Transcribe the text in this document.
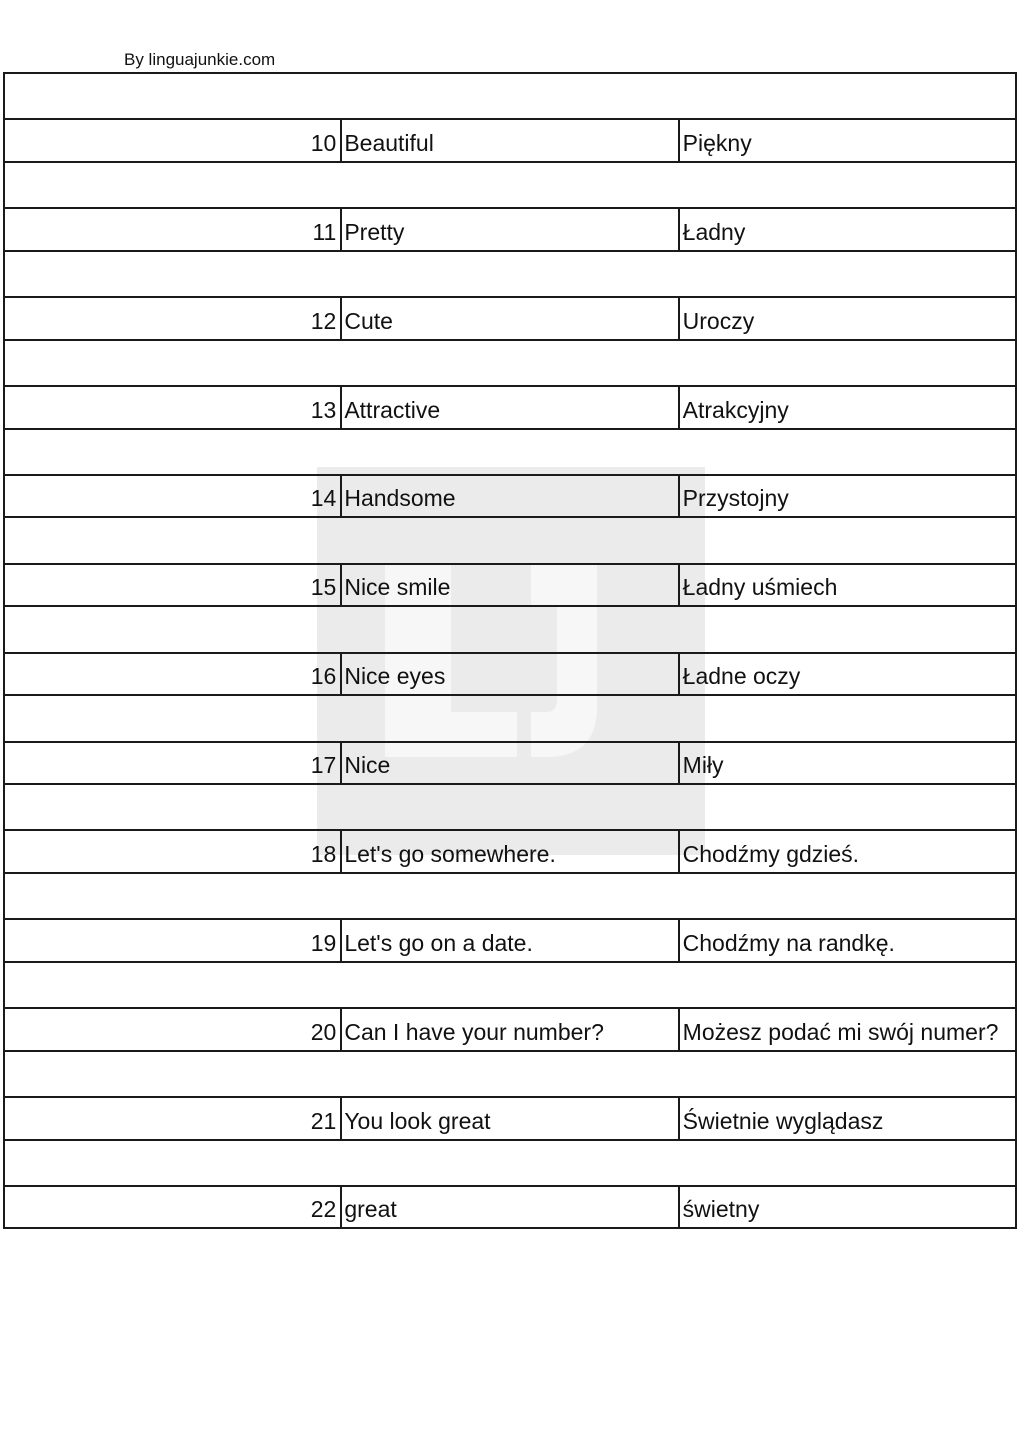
By linguajunkie.com

10	Beautiful	Piękny

11	Pretty	Ładny

12	Cute	Uroczy

13	Attractive	Atrakcyjny

14	Handsome	Przystojny

15	Nice smile	Ładny uśmiech

16	Nice eyes	Ładne oczy

17	Nice	Miły

18	Let's go somewhere.	Chodźmy gdzieś.

19	Let's go on a date.	Chodźmy na randkę.

20	Can I have your number?	Możesz podać mi swój numer?

21	You look great	Świetnie wyglądasz

22	great	świetny
